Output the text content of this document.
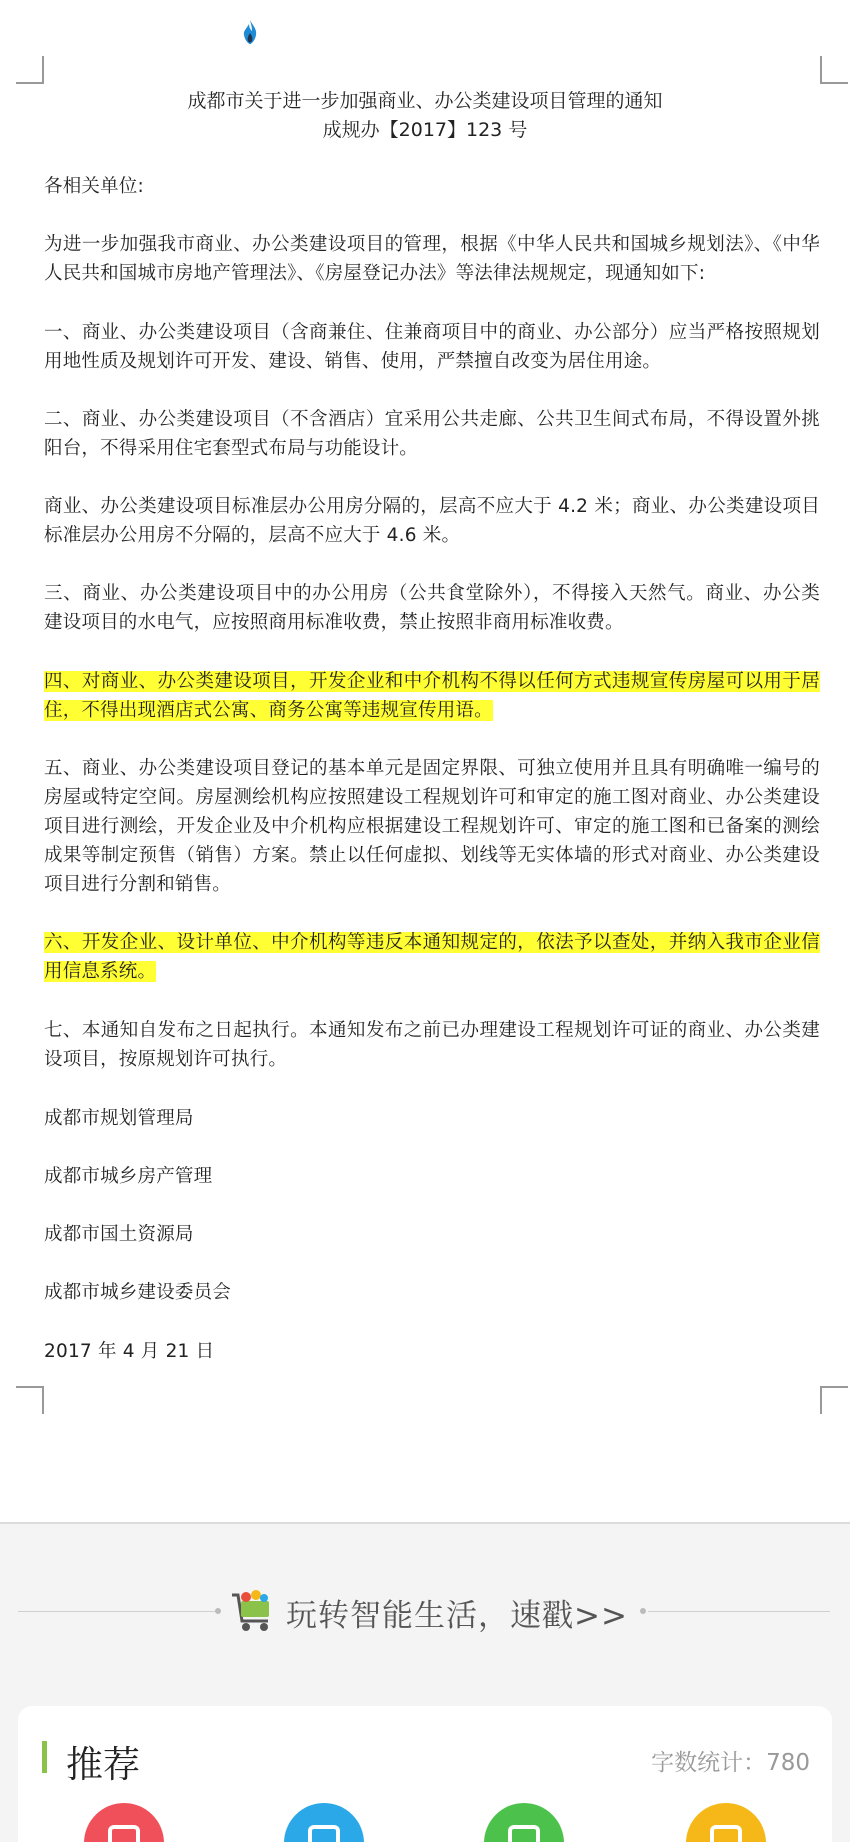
成都市关于进一步加强商业、办公类建设项目管理的通知
成规办【2017】123 号
各相关单位:
为进一步加强我市商业、办公类建设项目的管理，根据《中华人民共和国城乡规划法》、《中华人民共和国城市房地产管理法》、《房屋登记办法》等法律法规规定，现通知如下:
一、商业、办公类建设项目（含商兼住、住兼商项目中的商业、办公部分）应当严格按照规划用地性质及规划许可开发、建设、销售、使用，严禁擅自改变为居住用途。
二、商业、办公类建设项目（不含酒店）宜采用公共走廊、公共卫生间式布局，不得设置外挑阳台，不得采用住宅套型式布局与功能设计。
商业、办公类建设项目标准层办公用房分隔的，层高不应大于 4.2 米；商业、办公类建设项目标准层办公用房不分隔的，层高不应大于 4.6 米。
三、商业、办公类建设项目中的办公用房（公共食堂除外），不得接入天然气。商业、办公类建设项目的水电气，应按照商用标准收费，禁止按照非商用标准收费。
四、对商业、办公类建设项目，开发企业和中介机构不得以任何方式违规宣传房屋可以用于居住，不得出现酒店式公寓、商务公寓等违规宣传用语。
五、商业、办公类建设项目登记的基本单元是固定界限、可独立使用并且具有明确唯一编号的房屋或特定空间。房屋测绘机构应按照建设工程规划许可和审定的施工图对商业、办公类建设项目进行测绘，开发企业及中介机构应根据建设工程规划许可、审定的施工图和已备案的测绘成果等制定预售（销售）方案。禁止以任何虚拟、划线等无实体墙的形式对商业、办公类建设项目进行分割和销售。
六、开发企业、设计单位、中介机构等违反本通知规定的，依法予以查处，并纳入我市企业信用信息系统。
七、本通知自发布之日起执行。本通知发布之前已办理建设工程规划许可证的商业、办公类建设项目，按原规划许可执行。
成都市规划管理局
成都市城乡房产管理
成都市国土资源局
成都市城乡建设委员会
2017 年 4 月 21 日
玩转智能生活，速戳>>
推荐	字数统计：780
